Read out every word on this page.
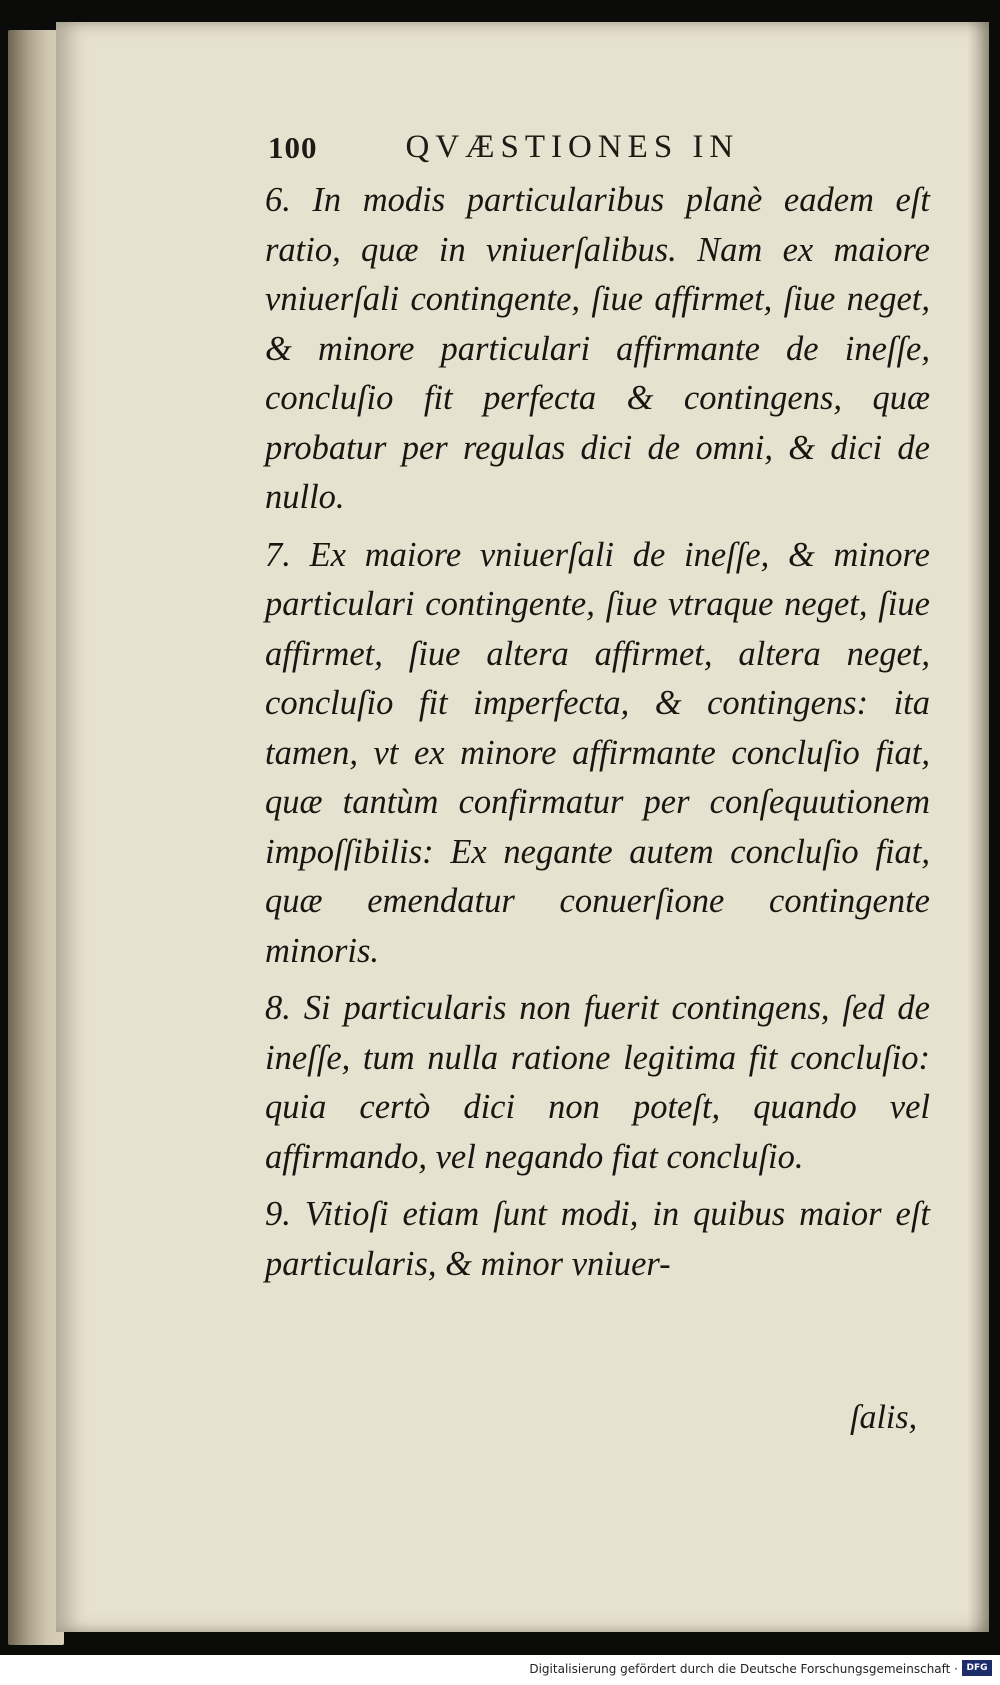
100	QVÆSTIONES IN

6. In modis particularibus planè eadem eſt ratio, quæ in vniuerſalibus. Nam ex maiore vniuerſali contingente, ſiue affirmet, ſiue neget, & minore particulari affirmante de ineſſe, concluſio fit perfecta & contingens, quæ probatur per regulas dici de omni, & dici de nullo.

7. Ex maiore vniuerſali de ineſſe, & minore particulari contingente, ſiue vtraque neget, ſiue affirmet, ſiue altera affirmet, altera neget, concluſio fit imperfecta, & contingens: ita tamen, vt ex minore affirmante concluſio fiat, quæ tantùm confirmatur per conſequutionem impoſſibilis: Ex negante autem concluſio fiat, quæ emendatur conuerſione contingente minoris.

8. Si particularis non fuerit contingens, ſed de ineſſe, tum nulla ratione legitima fit concluſio: quia certò dici non poteſt, quando vel affirmando, vel negando fiat concluſio.

9. Vitioſi etiam ſunt modi, in quibus maior eſt particularis, & minor vniuer-

ſalis,
Digitalisierung gefördert durch die Deutsche Forschungsgemeinschaft · DFG
